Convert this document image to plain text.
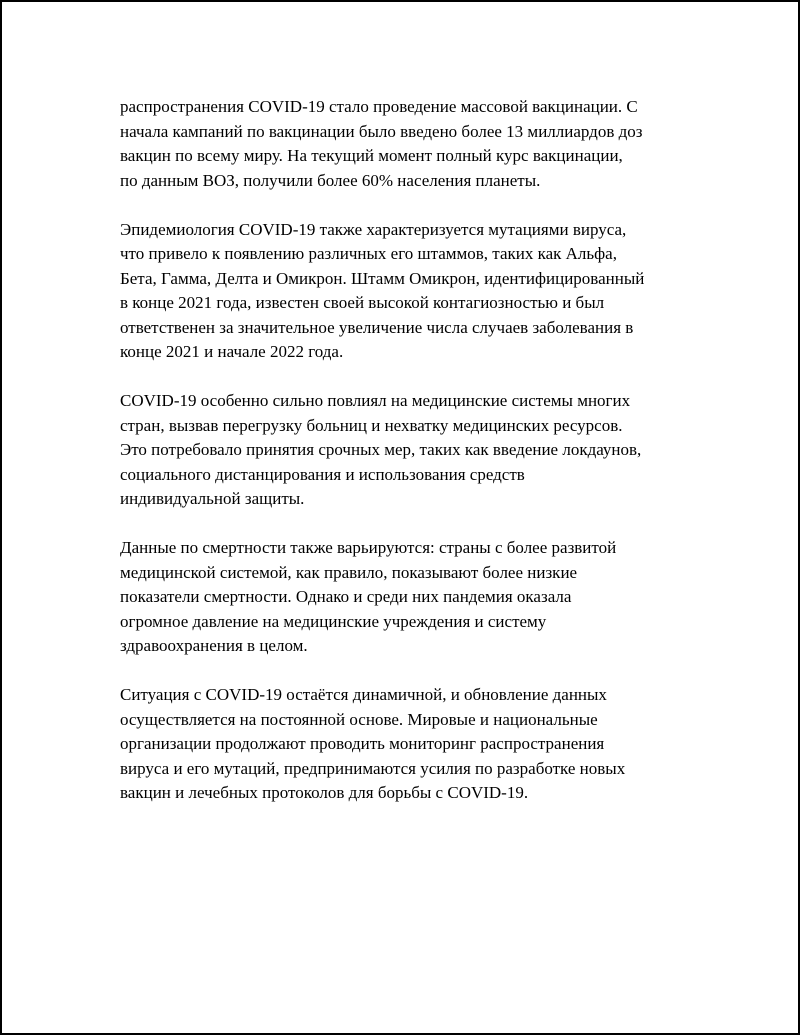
распространения COVID-19 стало проведение массовой вакцинации. С
начала кампаний по вакцинации было введено более 13 миллиардов доз
вакцин по всему миру. На текущий момент полный курс вакцинации,
по данным ВОЗ, получили более 60% населения планеты.

Эпидемиология COVID-19 также характеризуется мутациями вируса,
что привело к появлению различных его штаммов, таких как Альфа,
Бета, Гамма, Делта и Омикрон. Штамм Омикрон, идентифицированный
в конце 2021 года, известен своей высокой контагиозностью и был
ответственен за значительное увеличение числа случаев заболевания в
конце 2021 и начале 2022 года.

COVID-19 особенно сильно повлиял на медицинские системы многих
стран, вызвав перегрузку больниц и нехватку медицинских ресурсов.
Это потребовало принятия срочных мер, таких как введение локдаунов,
социального дистанцирования и использования средств
индивидуальной защиты.

Данные по смертности также варьируются: страны с более развитой
медицинской системой, как правило, показывают более низкие
показатели смертности. Однако и среди них пандемия оказала
огромное давление на медицинские учреждения и систему
здравоохранения в целом.

Ситуация с COVID-19 остаётся динамичной, и обновление данных
осуществляется на постоянной основе. Мировые и национальные
организации продолжают проводить мониторинг распространения
вируса и его мутаций, предпринимаются усилия по разработке новых
вакцин и лечебных протоколов для борьбы с COVID-19.
